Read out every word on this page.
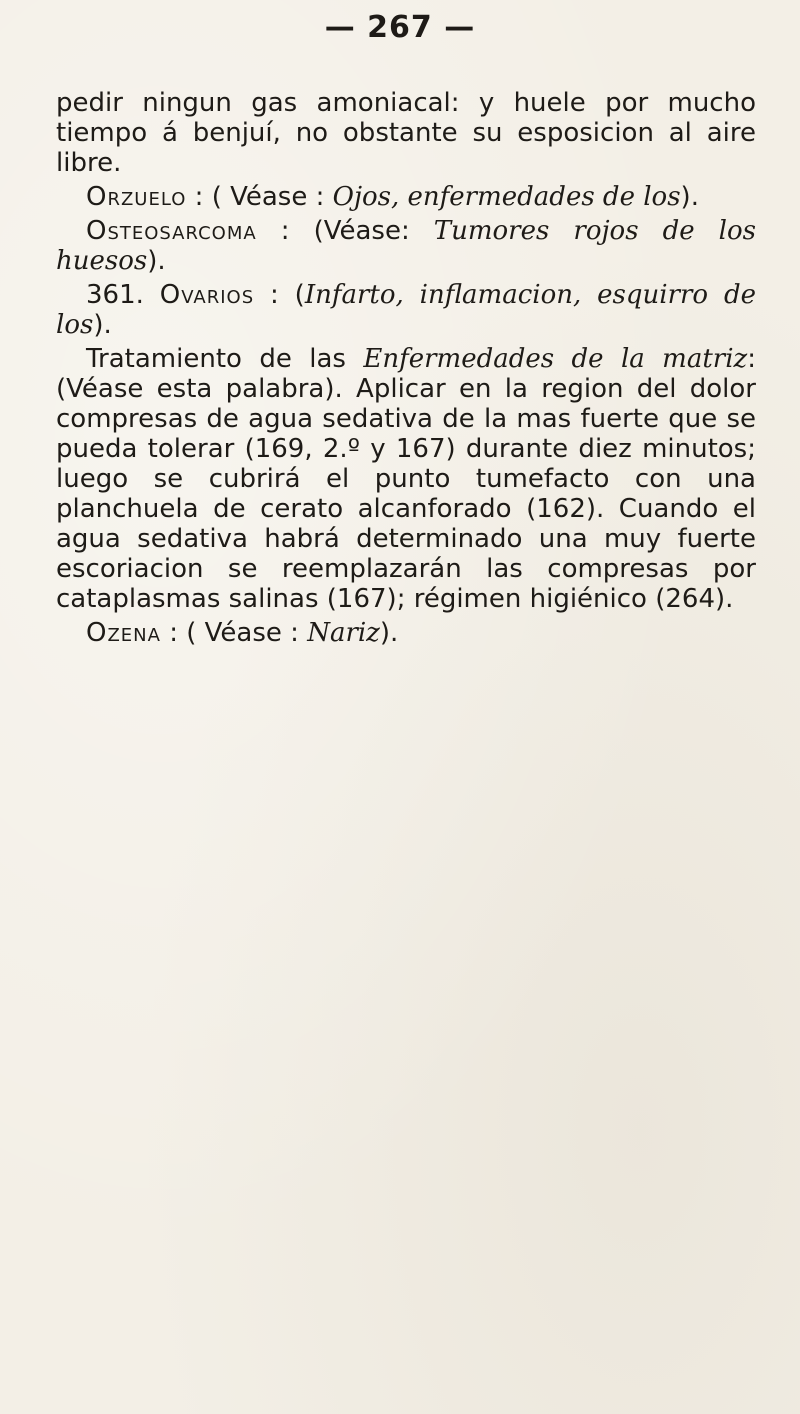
— 267 —

pedir ningun gas amoniacal: y huele por mucho tiempo á benjuí, no obstante su esposicion al aire libre.

Orzuelo : ( Véase : Ojos, enfermedades de los).

Osteosarcoma : (Véase: Tumores rojos de los huesos).

361. Ovarios : (Infarto, inflamacion, esquirro de los).

Tratamiento de las Enfermedades de la matriz: (Véase esta palabra). Aplicar en la region del dolor compresas de agua sedativa de la mas fuerte que se pueda tolerar (169, 2.º y 167) durante diez minutos; luego se cubrirá el punto tumefacto con una planchuela de cerato alcanforado (162). Cuando el agua sedativa habrá determinado una muy fuerte escoriacion se reemplazarán las compresas por cataplasmas salinas (167); régimen higiénico (264).

Ozena : ( Véase : Nariz).
